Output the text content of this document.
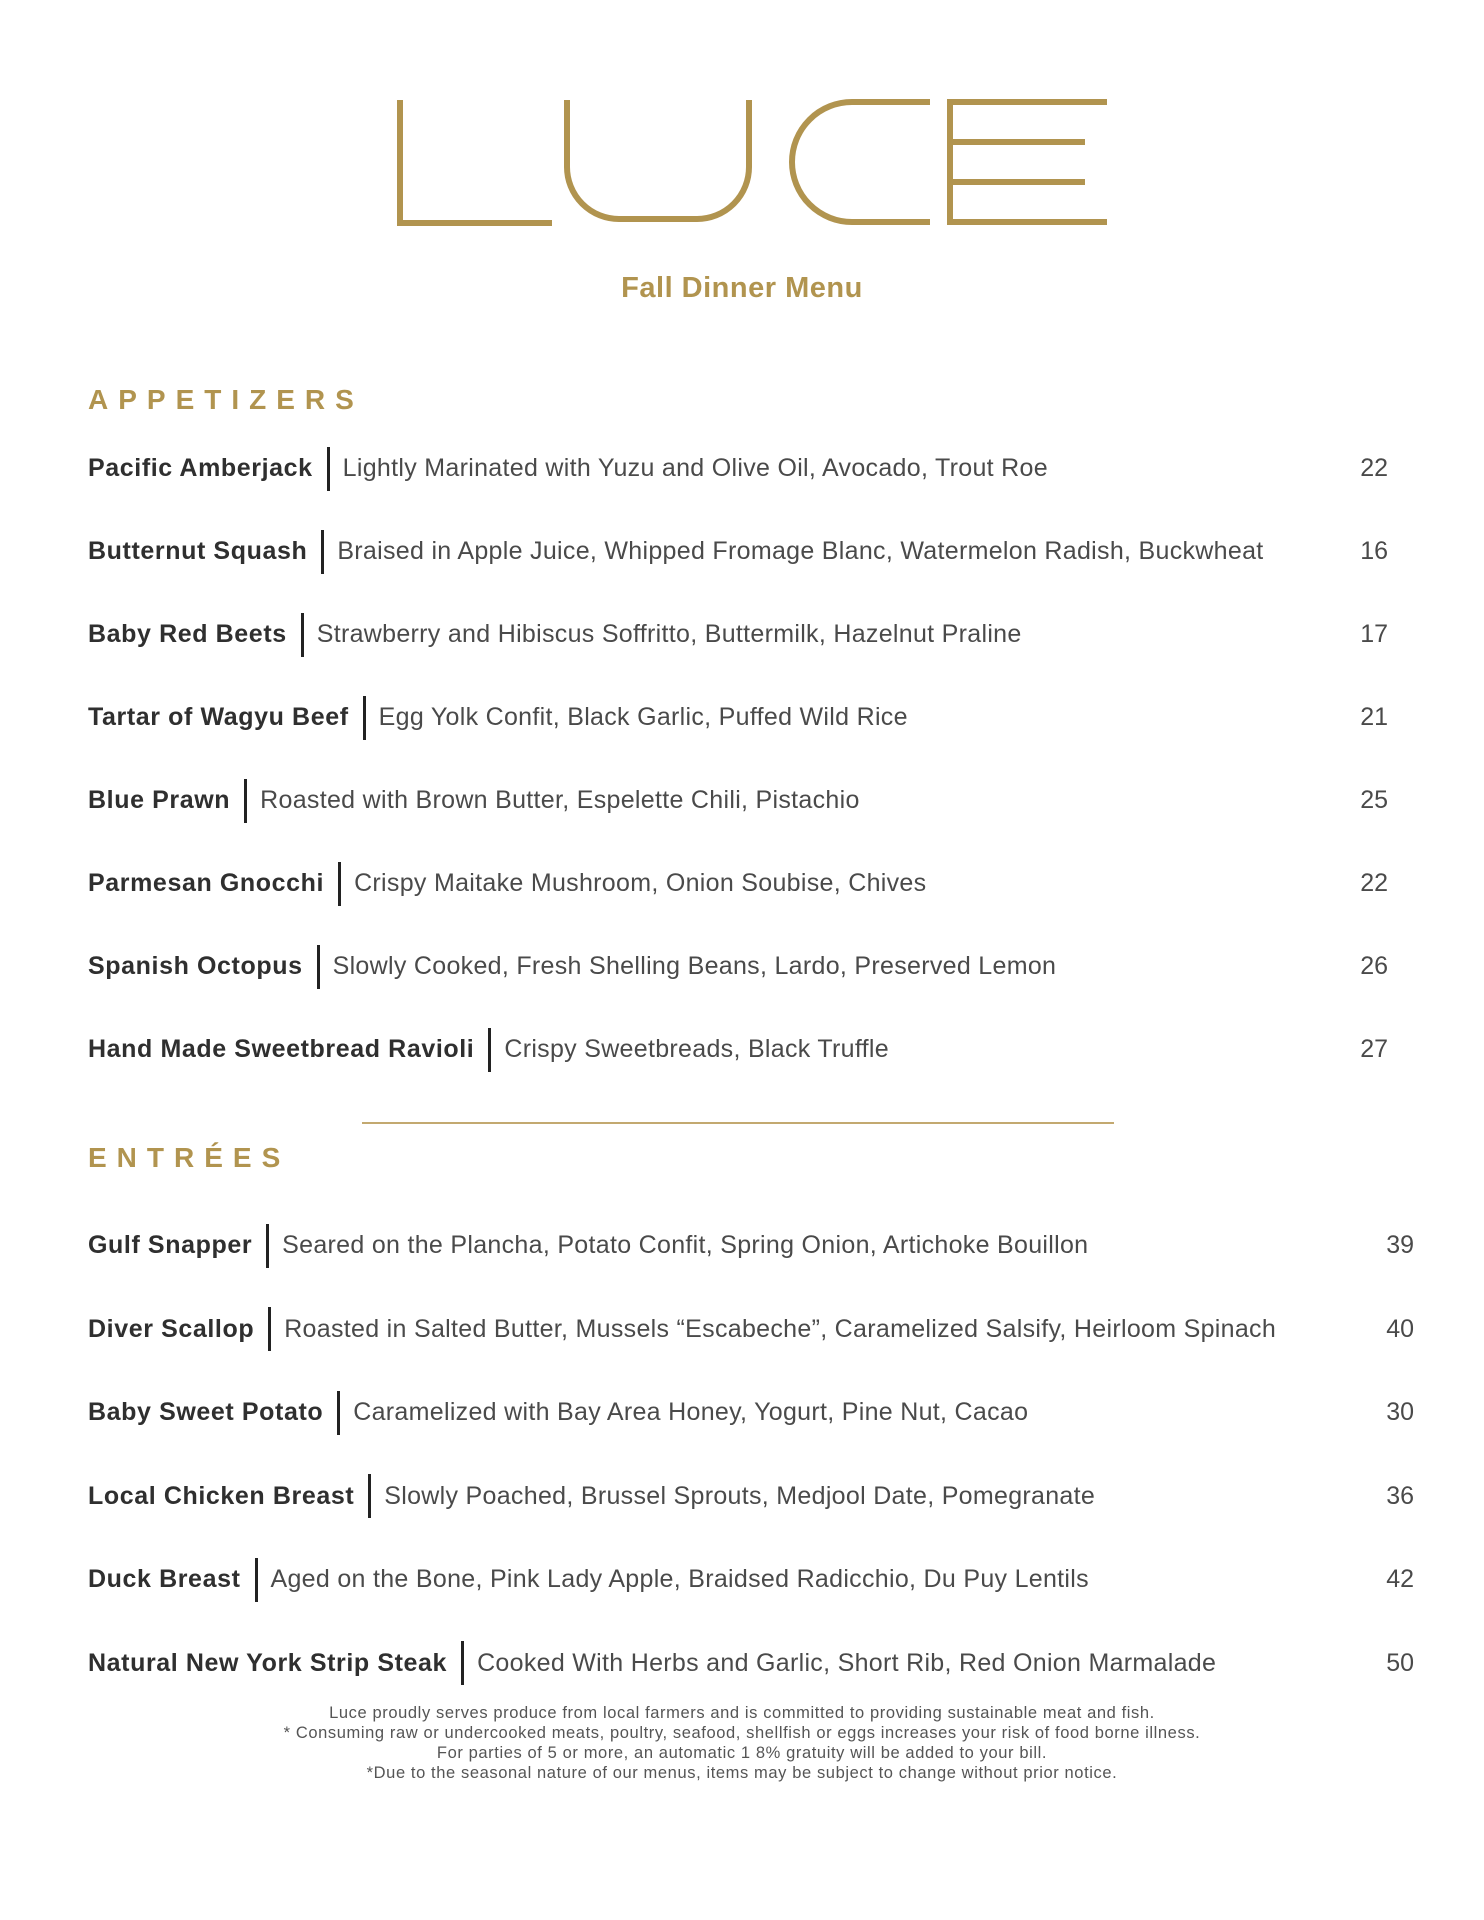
Fall Dinner Menu
APPETIZERS
Pacific Amberjack Lightly Marinated with Yuzu and Olive Oil, Avocado, Trout Roe	22
Butternut Squash Braised in Apple Juice, Whipped Fromage Blanc, Watermelon Radish, Buckwheat	16
Baby Red Beets Strawberry and Hibiscus Soffritto, Buttermilk, Hazelnut Praline	17
Tartar of Wagyu Beef Egg Yolk Confit, Black Garlic, Puffed Wild Rice	21
Blue Prawn Roasted with Brown Butter, Espelette Chili, Pistachio	25
Parmesan Gnocchi Crispy Maitake Mushroom, Onion Soubise, Chives	22
Spanish Octopus Slowly Cooked, Fresh Shelling Beans, Lardo, Preserved Lemon	26
Hand Made Sweetbread Ravioli Crispy Sweetbreads, Black Truffle	27
ENTRÉES
Gulf Snapper Seared on the Plancha, Potato Confit, Spring Onion, Artichoke Bouillon	39
Diver Scallop Roasted in Salted Butter, Mussels “Escabeche”, Caramelized Salsify, Heirloom Spinach	40
Baby Sweet Potato Caramelized with Bay Area Honey, Yogurt, Pine Nut, Cacao	30
Local Chicken Breast Slowly Poached, Brussel Sprouts, Medjool Date, Pomegranate	36
Duck Breast Aged on the Bone, Pink Lady Apple, Braidsed Radicchio, Du Puy Lentils	42
Natural New York Strip Steak Cooked With Herbs and Garlic, Short Rib, Red Onion Marmalade	50
Luce proudly serves produce from local farmers and is committed to providing sustainable meat and fish.
* Consuming raw or undercooked meats, poultry, seafood, shellfish or eggs increases your risk of food borne illness.
For parties of 5 or more, an automatic 1 8% gratuity will be added to your bill.
*Due to the seasonal nature of our menus, items may be subject to change without prior notice.
